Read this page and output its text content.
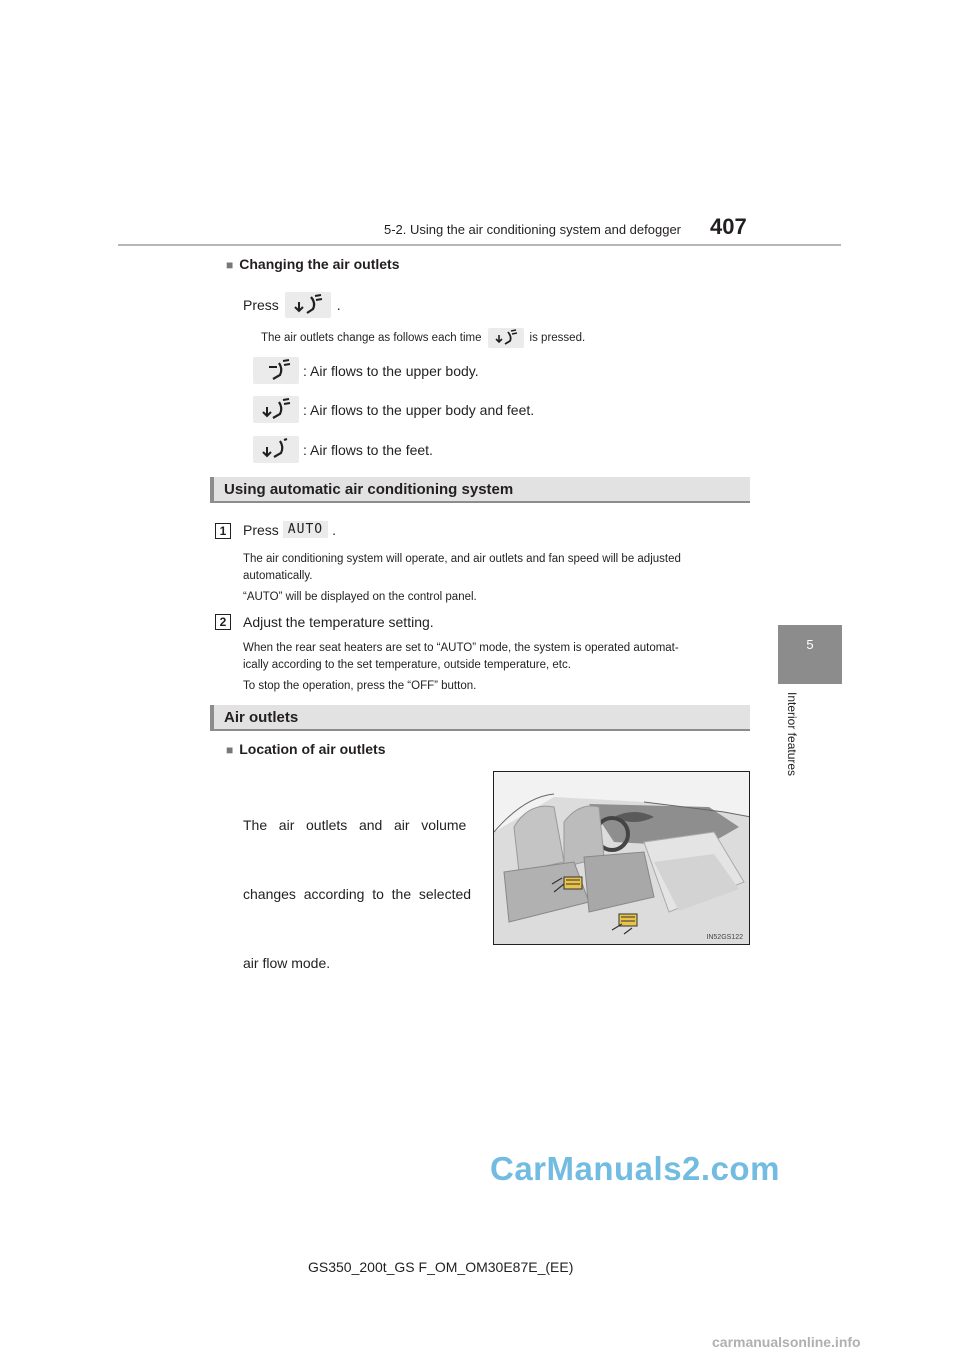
5-2. Using the air conditioning system and defogger 407
5
Interior features
■ Changing the air outlets
Press	.
The air outlets change as follows each time	is pressed.
: Air flows to the upper body.
: Air flows to the upper body and feet.
: Air flows to the feet.
Using automatic air conditioning system
1	Press AUTO .
The air conditioning system will operate, and air outlets and fan speed will be adjusted
automatically.
“AUTO” will be displayed on the control panel.
2	Adjust the temperature setting.
When the rear seat heaters are set to “AUTO” mode, the system is operated automat-
ically according to the set temperature, outside temperature, etc.
To stop the operation, press the “OFF” button.
Air outlets
■ Location of air outlets

The   air   outlets   and   air   volume

changes  according  to  the  selected

air flow mode.

IN52GS122
GS350_200t_GS F_OM_OM30E87E_(EE)
CarManuals2.com
carmanualsonline.info
